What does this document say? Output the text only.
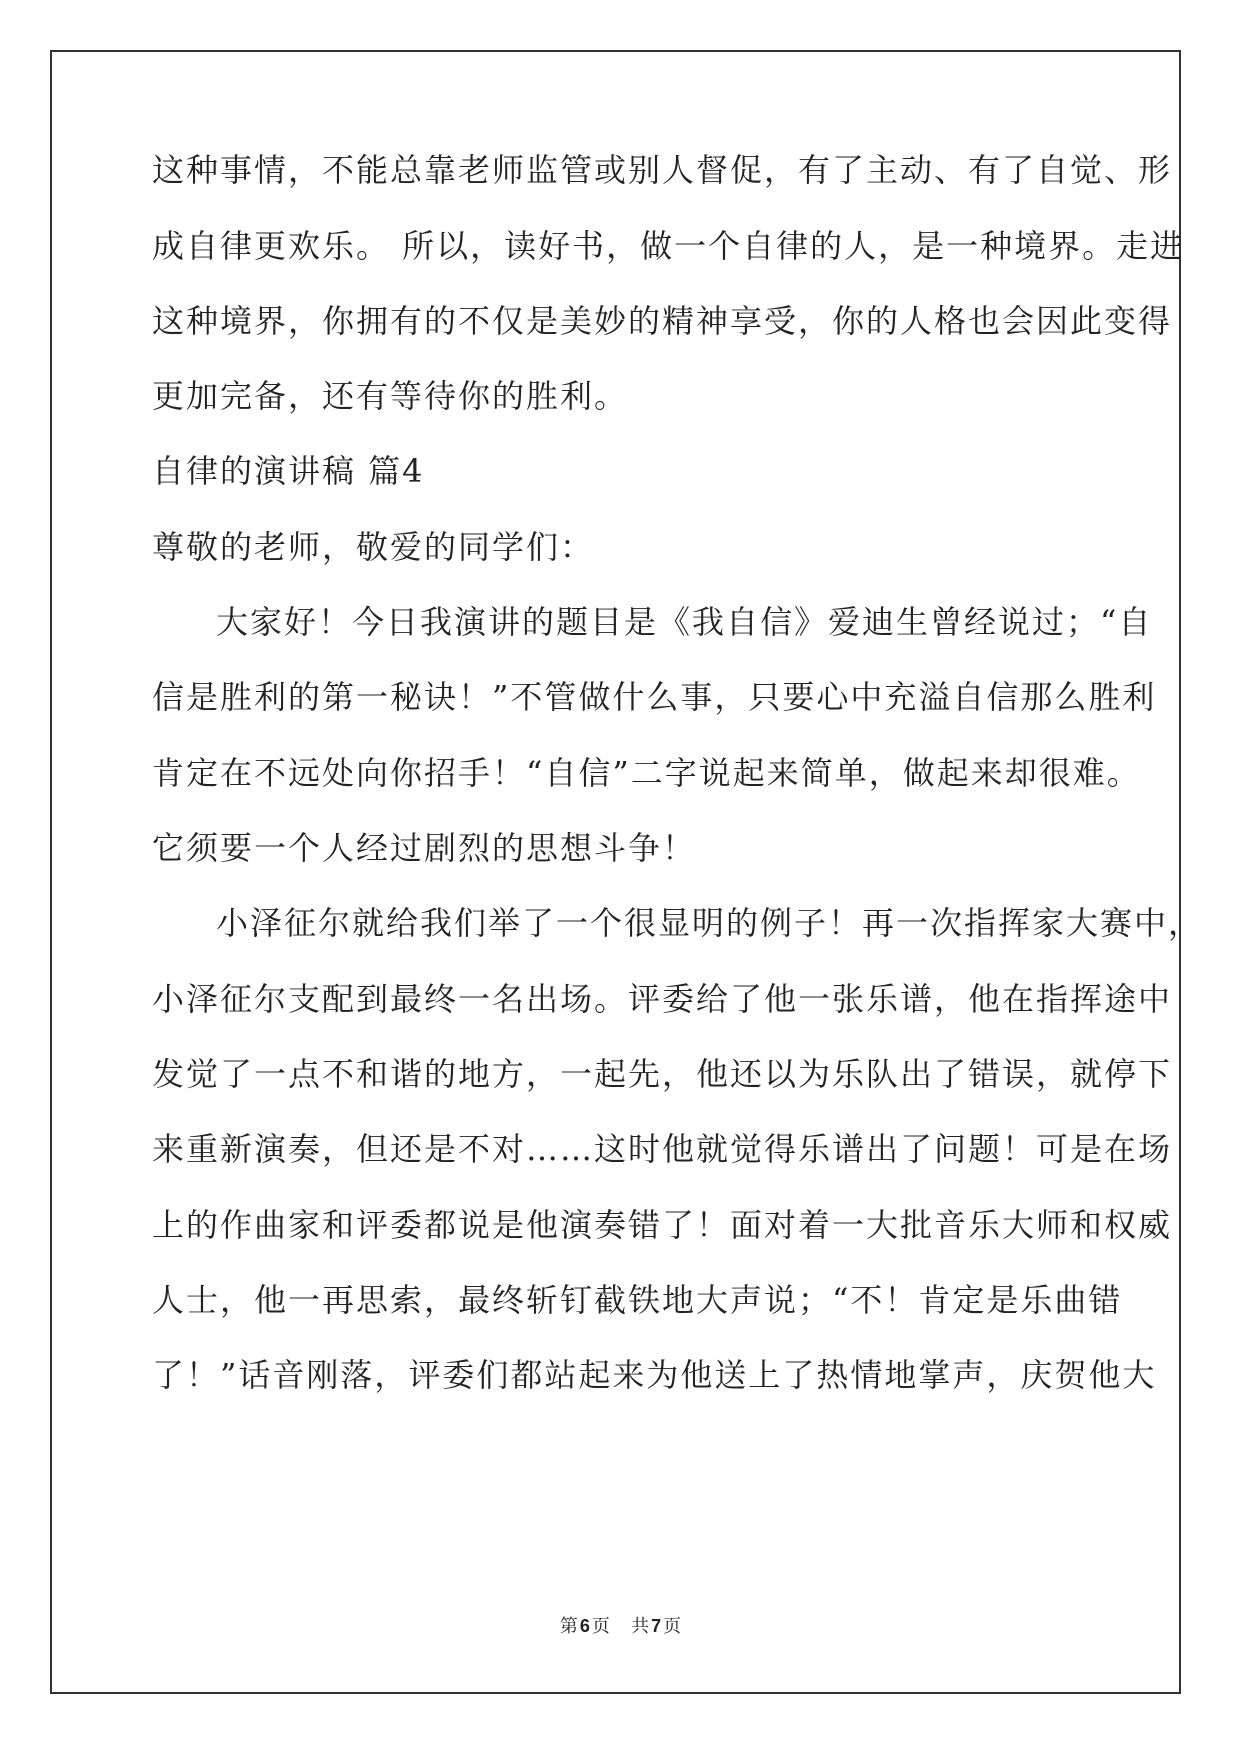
这种事情，不能总靠老师监管或别人督促，有了主动、有了自觉、形
成自律更欢乐。 所以，读好书，做一个自律的人，是一种境界。走进
这种境界，你拥有的不仅是美妙的精神享受，你的人格也会因此变得
更加完备，还有等待你的胜利。
自律的演讲稿 篇4
尊敬的老师，敬爱的同学们：
大家好！今日我演讲的题目是《我自信》爱迪生曾经说过；“自
信是胜利的第一秘诀！”不管做什么事，只要心中充溢自信那么胜利
肯定在不远处向你招手！“自信”二字说起来简单，做起来却很难。
它须要一个人经过剧烈的思想斗争！
小泽征尔就给我们举了一个很显明的例子！再一次指挥家大赛中，
小泽征尔支配到最终一名出场。评委给了他一张乐谱，他在指挥途中
发觉了一点不和谐的地方，一起先，他还以为乐队出了错误，就停下
来重新演奏，但还是不对……这时他就觉得乐谱出了问题！可是在场
上的作曲家和评委都说是他演奏错了！面对着一大批音乐大师和权威
人士，他一再思索，最终斩钉截铁地大声说；“不！肯定是乐曲错
了！”话音刚落，评委们都站起来为他送上了热情地掌声，庆贺他大
第 6 页 共 7 页
